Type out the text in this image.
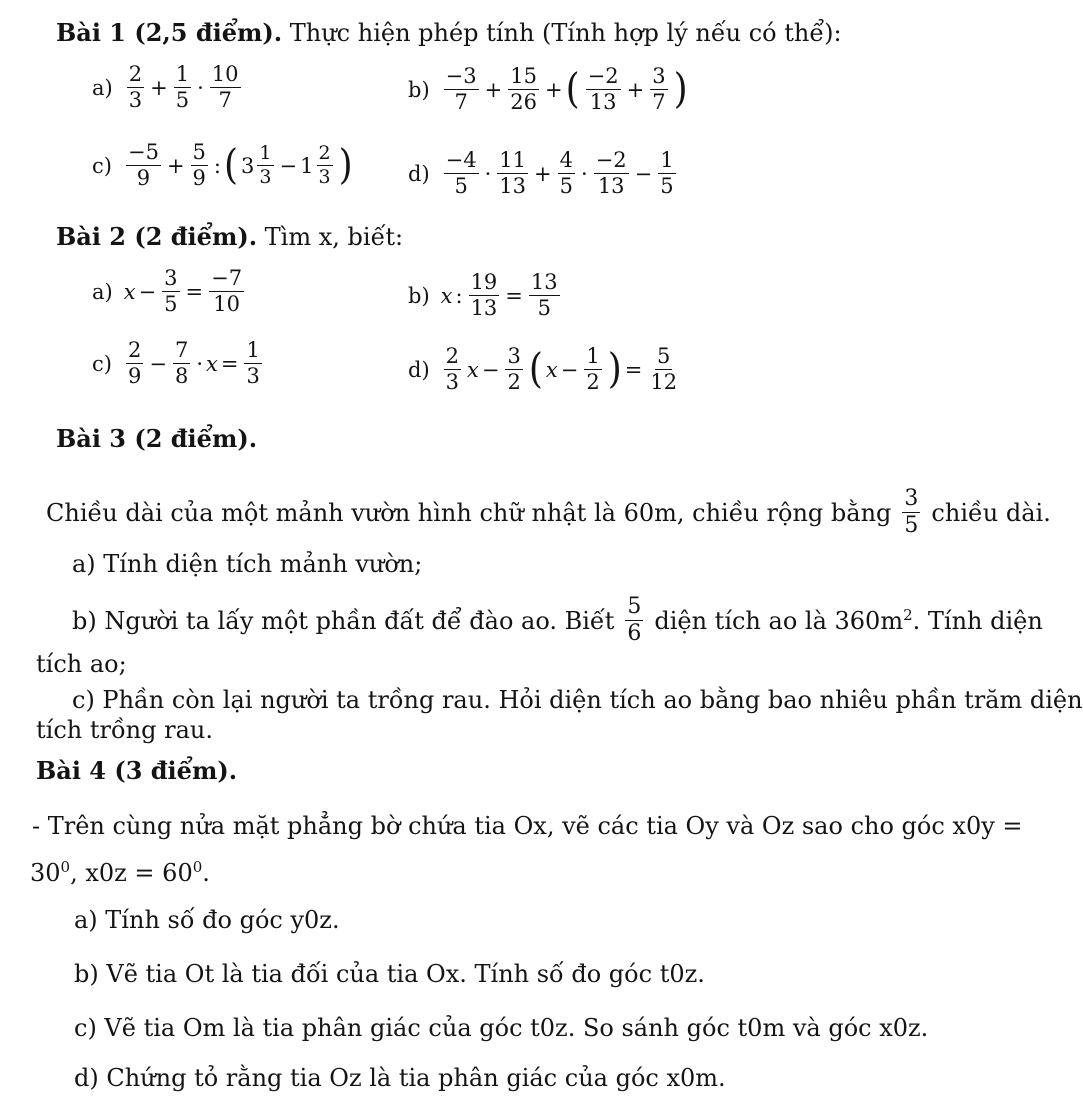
Bài 1 (2,5 điểm). Thực hiện phép tính (Tính hợp lý nếu có thể):
$a) \frac{2}{3} + \frac{1}{5} \cdot \frac{10}{7}$	$b) \frac{-3}{7} + \frac{15}{26}$ + ( $\frac{-2}{13} + \frac{3}{7}$ )
$c) \frac{-5}{9} + \frac{5}{9}$ : ( $3 \frac{1}{3} - 1 \frac{2}{3}$ )	$d) \frac{-4}{5} \cdot \frac{11}{13} + \frac{4}{5} \cdot \frac{-2}{13} - \frac{1}{5}$
Bài 2 (2 điểm). Tìm x, biết:
a) $x - \frac{3}{5} = \frac{-7}{10}$	b) x : $\frac{19}{13} = \frac{13}{5}$
$c) \frac{2}{9} - \frac{7}{8} \cdot x = \frac{1}{3}$	$d) \frac{2}{3}$ $x - \frac{3}{2}$ ( $x - \frac{1}{2}$ ) = $\frac{5}{12}$
Bài 3 (2 điểm).
Chiều dài của một mảnh vườn hình chữ nhật là 60m, chiều rộng bằng $\frac{3}{5}$ chiều dài.
a) Tính diện tích mảnh vườn;
b) Người ta lấy một phần đất để đào ao. Biết $\frac{5}{6}$ diện tích ao là $360m^2$. Tính diện
tích ao;
c) Phần còn lại người ta trồng rau. Hỏi diện tích ao bằng bao nhiêu phần trăm diện
tích trồng rau.
Bài 4 (3 điểm).
- Trên cùng nửa mặt phẳng bờ chứa tia Ox, vẽ các tia Oy và Oz sao cho góc x0y =
$30^0$, $x0z = 60^0$.
a) Tính số đo góc y0z.
b) Vẽ tia Ot là tia đối của tia Ox. Tính số đo góc t0z.
c) Vẽ tia Om là tia phân giác của góc t0z. So sánh góc t0m và góc x0z.
d) Chứng tỏ rằng tia Oz là tia phân giác của góc x0m.
